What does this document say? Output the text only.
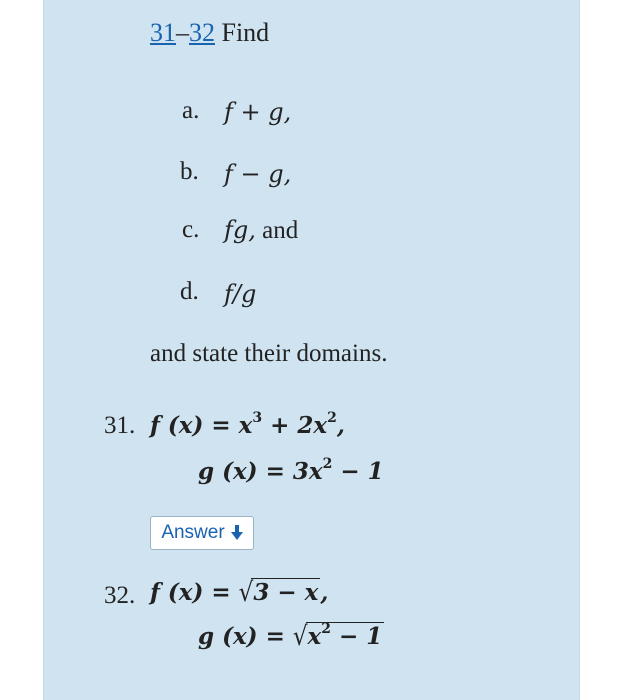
31–32 Find
a. f + g,
b. f − g,
c. fg, and
d. f/g
and state their domains.
31. f $(x) = x^3 + 2x^2$,
g $(x) = 3x^2 - 1$
Answer
32. f (x) = √3 − x,
g $(x) = √x^2 - 1$
